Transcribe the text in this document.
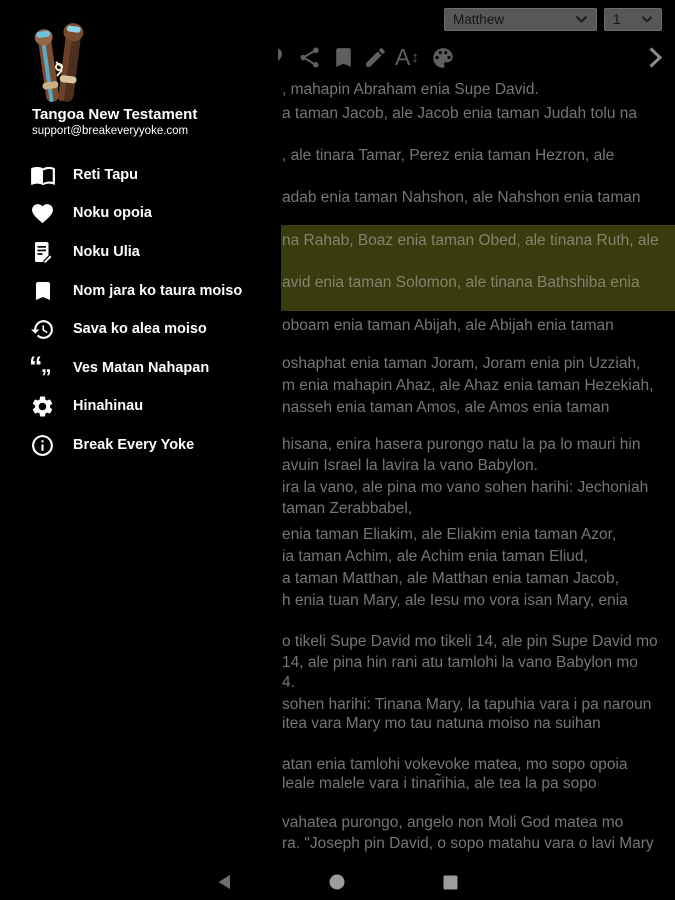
, mahapin Abraham enia Supe David.
a taman Jacob, ale Jacob enia taman Judah tolu na
, ale tinara Tamar, Perez enia taman Hezron, ale
adab enia taman Nahshon, ale Nahshon enia taman
na Rahab, Boaz enia taman Obed, ale tinana Ruth, ale
avid enia taman Solomon, ale tinana Bathshiba enia
oboam enia taman Abijah, ale Abijah enia taman
oshaphat enia taman Joram, Joram enia pin Uzziah,
m enia mahapin Ahaz, ale Ahaz enia taman Hezekiah,
nasseh enia taman Amos, ale Amos enia taman
hisana, enira hasera purongo natu la pa lo mauri hin
avuin Israel la lavira la vano Babylon.
ira la vano, ale pina mo vano sohen harihi: Jechoniah
taman Zerabbabel,
enia taman Eliakim, ale Eliakim enia taman Azor,
ia taman Achim, ale Achim enia taman Eliud,
a taman Matthan, ale Matthan enia taman Jacob,
h enia tuan Mary, ale Iesu mo vora isan Mary, enia
o tikeli Supe David mo tikeli 14, ale pin Supe David mo
14, ale pina hin rani atu tamlohi la vano Babylon mo
4.
sohen harihi: Tinana Mary, la tapuhia vara i pa naroun
itea vara Mary mo tau natuna moiso na suihan
atan enia tamlohi vokevoke matea, mo sopo opoia
leale malele vara i tinar̃ihia, ale tea la pa sopo
vahatea purongo, angelo non Moli God matea mo
ra. "Joseph pin David, o sopo matahu vara o lavi Mary
Matthew	1
A ↕
Tangoa New Testament
support@breakeveryyoke.com
Reti Tapu
Noku opoia
Noku Ulia
Nom jara ko taura moiso
Sava ko alea moiso
“
„ Ves Matan Nahapan
Hinahinau
Break Every Yoke
